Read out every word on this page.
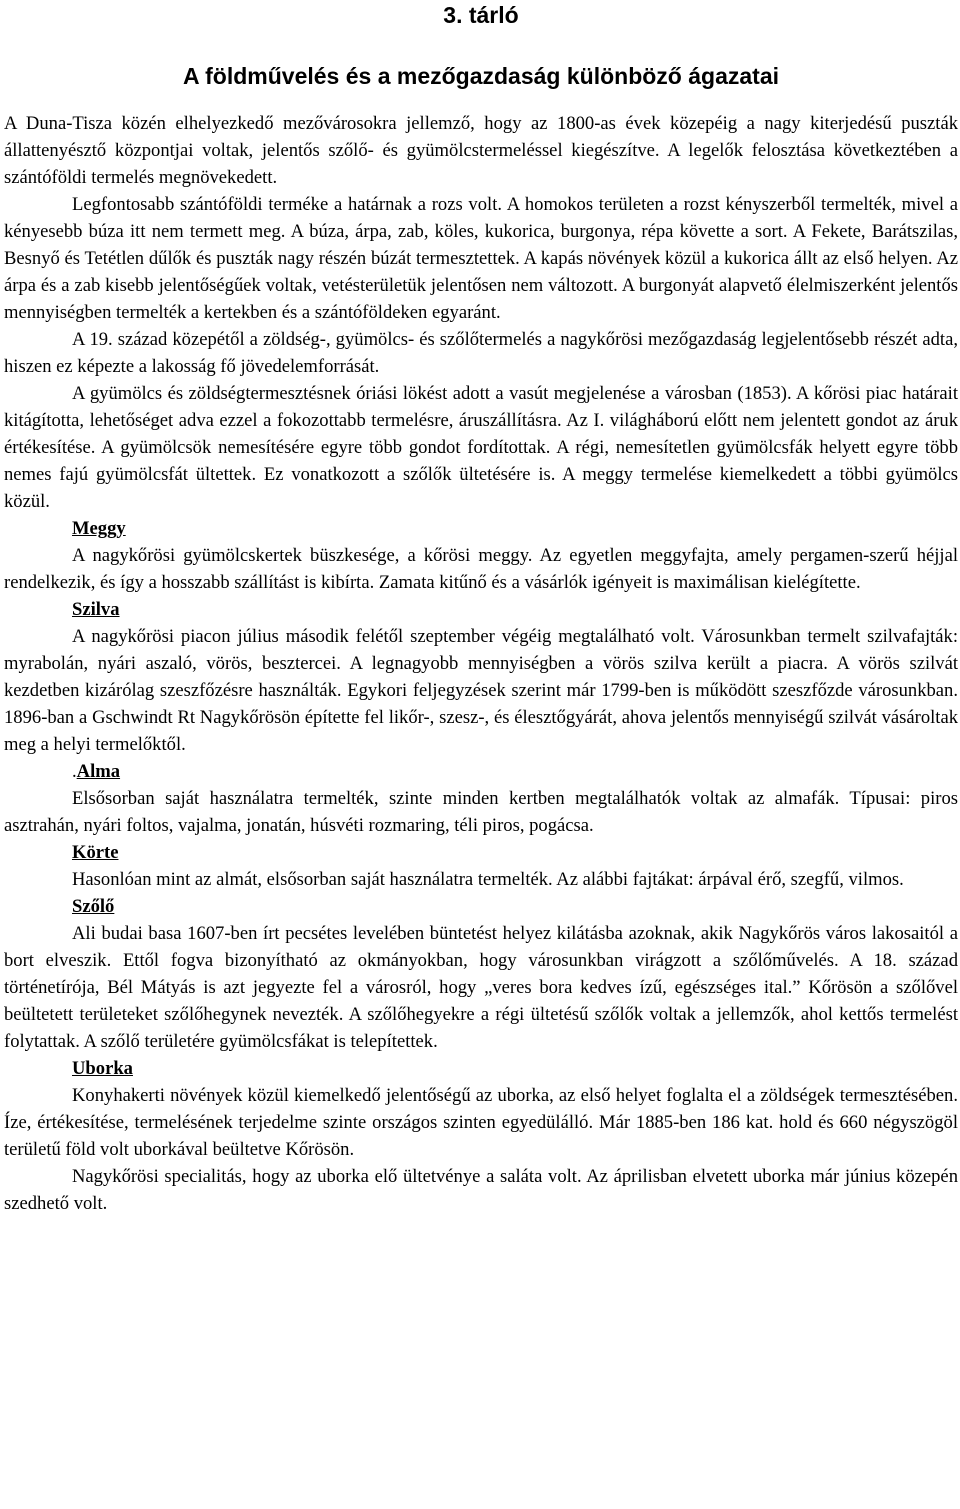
3. tárló
A földművelés és a mezőgazdaság különböző ágazatai

A Duna-Tisza közén elhelyezkedő mezővárosokra jellemző, hogy az 1800-as évek közepéig a nagy kiterjedésű puszták állattenyésztő központjai voltak, jelentős szőlő- és gyümölcstermeléssel kiegészítve. A legelők felosztása következtében a szántóföldi termelés megnövekedett.

Legfontosabb szántóföldi terméke a határnak a rozs volt. A homokos területen a rozst kényszerből termelték, mivel a kényesebb búza itt nem termett meg. A búza, árpa, zab, köles, kukorica, burgonya, répa követte a sort. A Fekete, Barátszilas, Besnyő és Tetétlen dűlők és puszták nagy részén búzát termesztettek. A kapás növények közül a kukorica állt az első helyen. Az árpa és a zab kisebb jelentőségűek voltak, vetésterületük jelentősen nem változott. A burgonyát alapvető élelmiszerként jelentős mennyiségben termelték a kertekben és a szántóföldeken egyaránt.

A 19. század közepétől a zöldség-, gyümölcs- és szőlőtermelés a nagykőrösi mezőgazdaság legjelentősebb részét adta, hiszen ez képezte a lakosság fő jövedelemforrását.

A gyümölcs és zöldségtermesztésnek óriási lökést adott a vasút megjelenése a városban (1853). A kőrösi piac határait kitágította, lehetőséget adva ezzel a fokozottabb termelésre, áruszállításra. Az I. világháború előtt nem jelentett gondot az áruk értékesítése. A gyümölcsök nemesítésére egyre több gondot fordítottak. A régi, nemesítetlen gyümölcsfák helyett egyre több nemes fajú gyümölcsfát ültettek. Ez vonatkozott a szőlők ültetésére is. A meggy termelése kiemelkedett a többi gyümölcs közül.

Meggy

A nagykőrösi gyümölcskertek büszkesége, a kőrösi meggy. Az egyetlen meggyfajta, amely pergamen-szerű héjjal rendelkezik, és így a hosszabb szállítást is kibírta. Zamata kitűnő és a vásárlók igényeit is maximálisan kielégítette.

Szilva

A nagykőrösi piacon július második felétől szeptember végéig megtalálható volt. Városunkban termelt szilvafajták: myrabolán, nyári aszaló, vörös, besztercei. A legnagyobb mennyiségben a vörös szilva került a piacra. A vörös szilvát kezdetben kizárólag szeszfőzésre használták. Egykori feljegyzések szerint már 1799-ben is működött szeszfőzde városunkban. 1896-ban a Gschwindt Rt Nagykőrösön építette fel likőr-, szesz-, és élesztőgyárát, ahova jelentős mennyiségű szilvát vásároltak meg a helyi termelőktől.

.Alma

Elsősorban saját használatra termelték, szinte minden kertben megtalálhatók voltak az almafák. Típusai: piros asztrahán, nyári foltos, vajalma, jonatán, húsvéti rozmaring, téli piros, pogácsa.

Körte

Hasonlóan mint az almát, elsősorban saját használatra termelték. Az alábbi fajtákat: árpával érő, szegfű, vilmos.

Szőlő

Ali budai basa 1607-ben írt pecsétes levelében büntetést helyez kilátásba azoknak, akik Nagykőrös város lakosaitól a bort elveszik. Ettől fogva bizonyítható az okmányokban, hogy városunkban virágzott a szőlőművelés. A 18. század történetírója, Bél Mátyás is azt jegyezte fel a városról, hogy „veres bora kedves ízű, egészséges ital.” Kőrösön a szőlővel beültetett területeket szőlőhegynek nevezték. A szőlőhegyekre a régi ültetésű szőlők voltak a jellemzők, ahol kettős termelést folytattak. A szőlő területére gyümölcsfákat is telepítettek.

Uborka

Konyhakerti növények közül kiemelkedő jelentőségű az uborka, az első helyet foglalta el a zöldségek termesztésében. Íze, értékesítése, termelésének terjedelme szinte országos szinten egyedülálló. Már 1885-ben 186 kat. hold és 660 négyszögöl területű föld volt uborkával beültetve Kőrösön.

Nagykőrösi specialitás, hogy az uborka elő ültetvénye a saláta volt. Az áprilisban elvetett uborka már június közepén szedhető volt.
